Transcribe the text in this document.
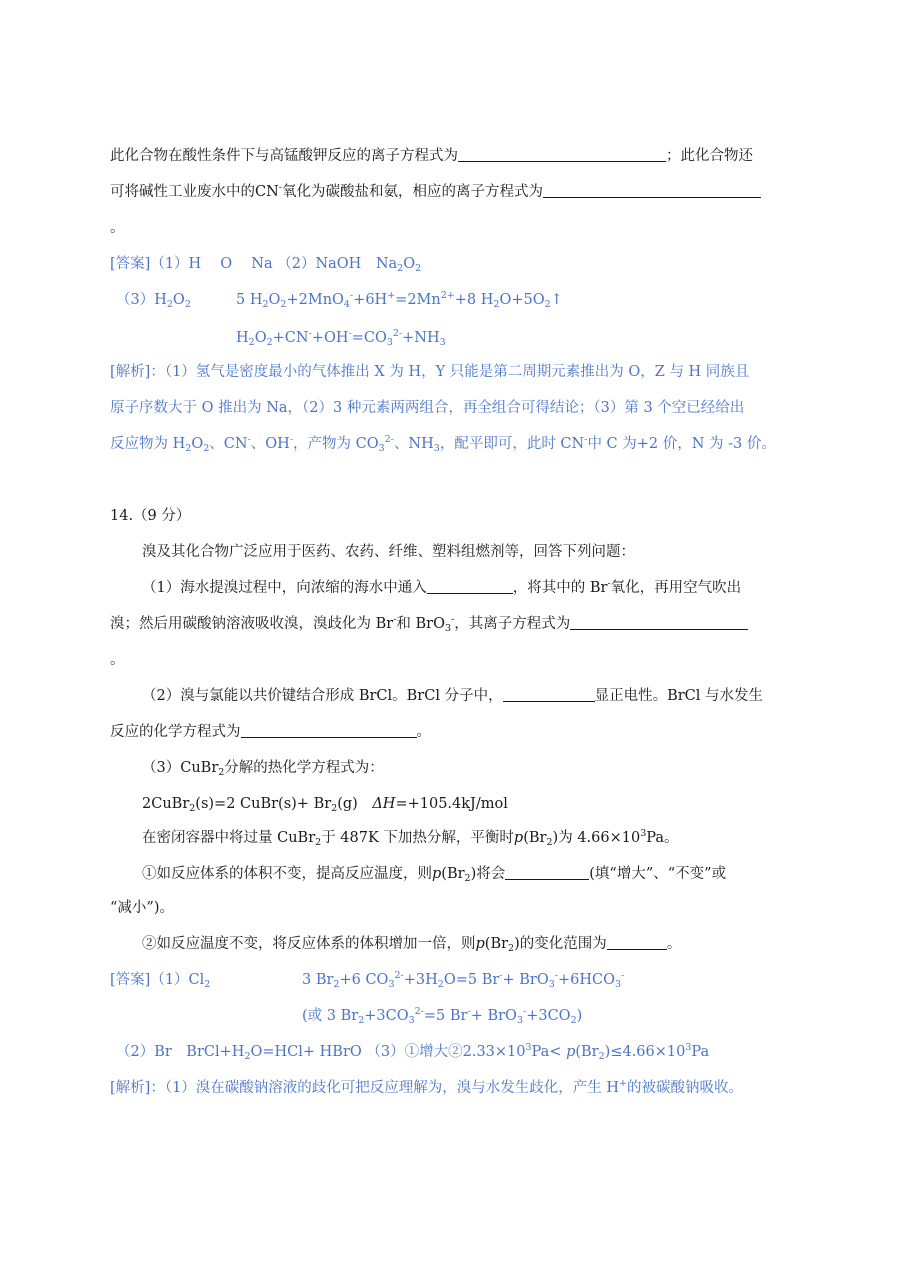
此化合物在酸性条件下与高锰酸钾反应的离子方程式为	；此化合物还
可将碱性工业废水中的CN-氧化为碳酸盐和氨，相应的离子方程式为
。
[答案]（1）H　 O　 Na （2）NaOH　$Na_2O_2$
$(3)H_2O_2$	5 $H_2O_2+2MnO_4^-+6H^+=2Mn^{2+}+8$ $H_2O+5O_2↑$
$H_2O_2+CN^-+OH^-=CO_3^{2-}+NH_3$
[解析]：（1）氢气是密度最小的气体推出 X 为 H，Y 只能是第二周期元素推出为 O，Z 与 H 同族且
原子序数大于 O 推出为 Na，（2）3 种元素两两组合，再全组合可得结论；（3）第 3 个空已经给出
反应物为 $H_2O_2$、CN-、OH-，产物为 $CO_3^{2-}$、$NH_3$，配平即可，此时 CN-中 C 为+2 价，N 为 -3 价。
14.（9 分）
溴及其化合物广泛应用于医药、农药、纤维、塑料组燃剂等，回答下列问题：
（1）海水提溴过程中，向浓缩的海水中通入	，将其中的 Br-氧化，再用空气吹出
溴；然后用碳酸钠溶液吸收溴，溴歧化为 Br-和 BrO$_3$-，其离子方程式为
。
（2）溴与氯能以共价键结合形成 BrCl。BrCl 分子中，	显正电性。BrCl 与水发生
反应的化学方程式为	。
（3）CuBr$_2$分解的热化学方程式为：
2CuBr$_2$(s)=2 CuBr(s)+ $Br_2(g)$　ΔH=+105.4kJ/mol
在密闭容器中将过量 CuBr$_2$于 487K 下加热分解，平衡时$p(Br_2)$为 $4.66\times 10^3Pa$。
①如反应体系的体积不变，提高反应温度，则$p(Br_2)$将会	(填“增大”、“不变”或
“减小”)。
②如反应温度不变，将反应体系的体积增加一倍，则$p(Br_2)$的变化范围为	。
[答案]$(1)Cl_2$	3 $Br_2+6$ $CO_3^{2-}+3H_2O=5$ $Br^-+ BrO_3^-+6HCO_3^-$
(或 3 $Br_2+3CO_3^{2-}=5$ $Br^-+ BrO_3^-+3CO_2$)
（2）Br　$BrCl+H_2O=HCl+$ HBrO （3）①增大$②2.33\times 10^3Pa< p(Br_2)\le 4.66\times 10^3Pa$
[解析]：（1）溴在碳酸钠溶液的歧化可把反应理解为，溴与水发生歧化，产生 H+的被碳酸钠吸收。
